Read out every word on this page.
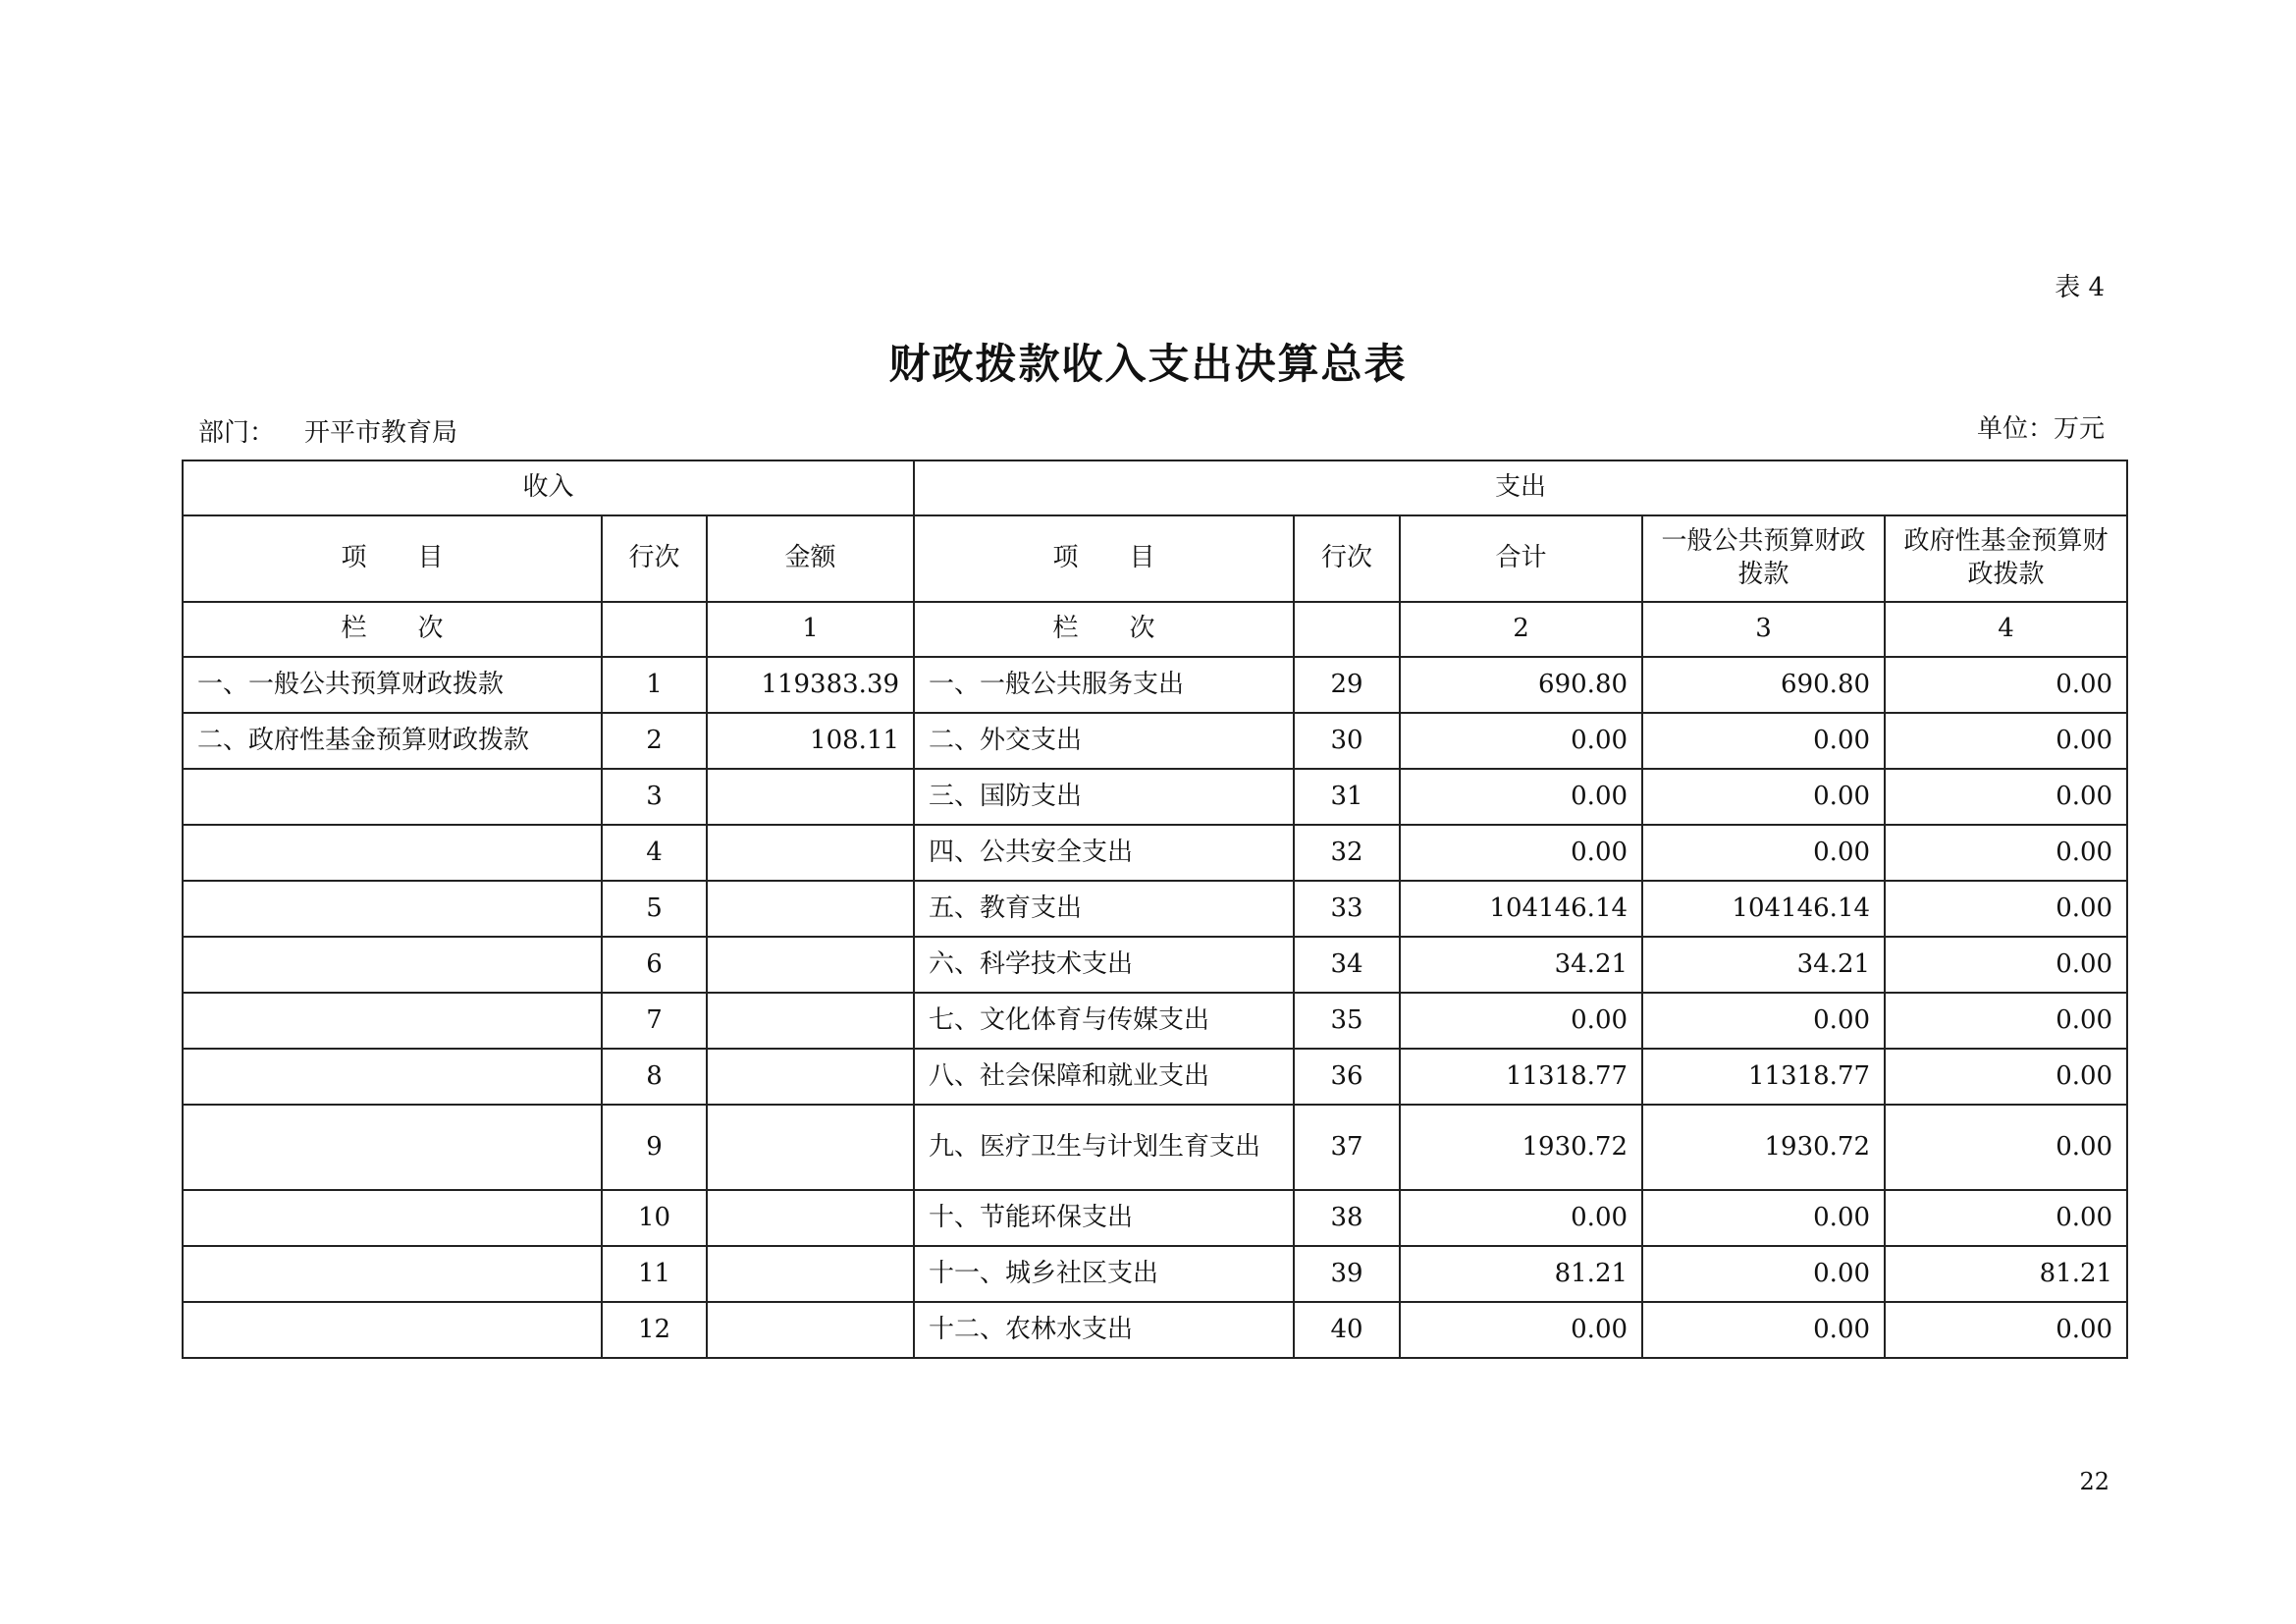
表 4
财政拨款收入支出决算总表
部门： 开平市教育局	单位：万元
收入			支出				
项　　目	行次	金额	项　　目	行次	合计	一般公共预算财政拨款	政府性基金预算财政拨款
栏　　次		1	栏　　次		2	3	4
一、一般公共预算财政拨款	1	119383.39	一、一般公共服务支出	29	690.80	690.80	0.00
二、政府性基金预算财政拨款	2	108.11	二、外交支出	30	0.00	0.00	0.00
	3		三、国防支出	31	0.00	0.00	0.00
	4		四、公共安全支出	32	0.00	0.00	0.00
	5		五、教育支出	33	104146.14	104146.14	0.00
	6		六、科学技术支出	34	34.21	34.21	0.00
	7		七、文化体育与传媒支出	35	0.00	0.00	0.00
	8		八、社会保障和就业支出	36	11318.77	11318.77	0.00
	9		九、医疗卫生与计划生育支出	37	1930.72	1930.72	0.00
	10		十、节能环保支出	38	0.00	0.00	0.00
	11		十一、城乡社区支出	39	81.21	0.00	81.21
	12		十二、农林水支出	40	0.00	0.00	0.00
22
